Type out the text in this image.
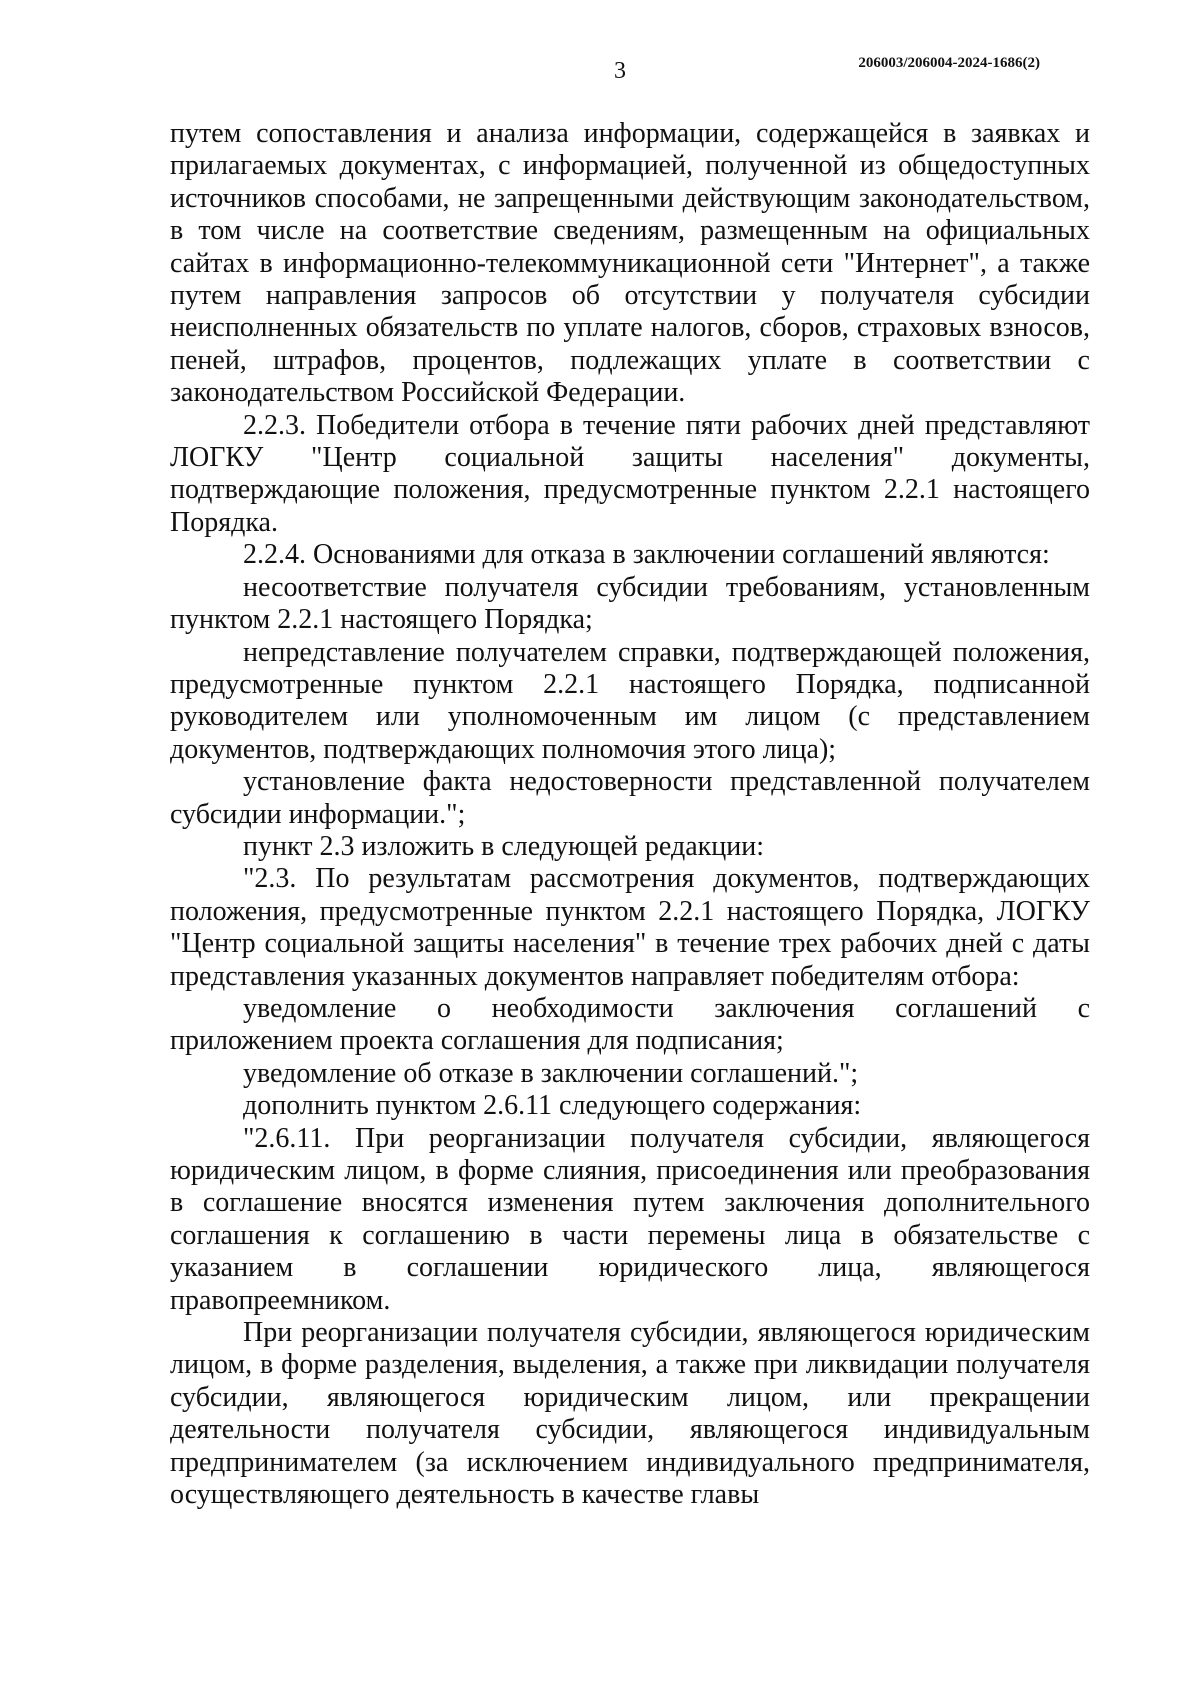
3	206003/206004-2024-1686(2)

путем сопоставления и анализа информации, содержащейся в заявках и прилагаемых документах, с информацией, полученной из общедоступных источников способами, не запрещенными действующим законодательством, в том числе на соответствие сведениям, размещенным на официальных сайтах в информационно-телекоммуникационной сети "Интернет", а также путем направления запросов об отсутствии у получателя субсидии неисполненных обязательств по уплате налогов, сборов, страховых взносов, пеней, штрафов, процентов, подлежащих уплате в соответствии с законодательством Российской Федерации.

2.2.3. Победители отбора в течение пяти рабочих дней представляют ЛОГКУ "Центр социальной защиты населения" документы, подтверждающие положения, предусмотренные пунктом 2.2.1 настоящего Порядка.

2.2.4. Основаниями для отказа в заключении соглашений являются:

несоответствие получателя субсидии требованиям, установленным пунктом 2.2.1 настоящего Порядка;

непредставление получателем справки, подтверждающей положения, предусмотренные пунктом 2.2.1 настоящего Порядка, подписанной руководителем или уполномоченным им лицом (с представлением документов, подтверждающих полномочия этого лица);

установление факта недостоверности представленной получателем субсидии информации.";

пункт 2.3 изложить в следующей редакции:

"2.3. По результатам рассмотрения документов, подтверждающих положения, предусмотренные пунктом 2.2.1 настоящего Порядка, ЛОГКУ "Центр социальной защиты населения" в течение трех рабочих дней с даты представления указанных документов направляет победителям отбора:

уведомление о необходимости заключения соглашений с приложением проекта соглашения для подписания;

уведомление об отказе в заключении соглашений.";

дополнить пунктом 2.6.11 следующего содержания:

"2.6.11. При реорганизации получателя субсидии, являющегося юридическим лицом, в форме слияния, присоединения или преобразования в соглашение вносятся изменения путем заключения дополнительного соглашения к соглашению в части перемены лица в обязательстве с указанием в соглашении юридического лица, являющегося правопреемником.

При реорганизации получателя субсидии, являющегося юридическим лицом, в форме разделения, выделения, а также при ликвидации получателя субсидии, являющегося юридическим лицом, или прекращении деятельности получателя субсидии, являющегося индивидуальным предпринимателем (за исключением индивидуального предпринимателя, осуществляющего деятельность в качестве главы
